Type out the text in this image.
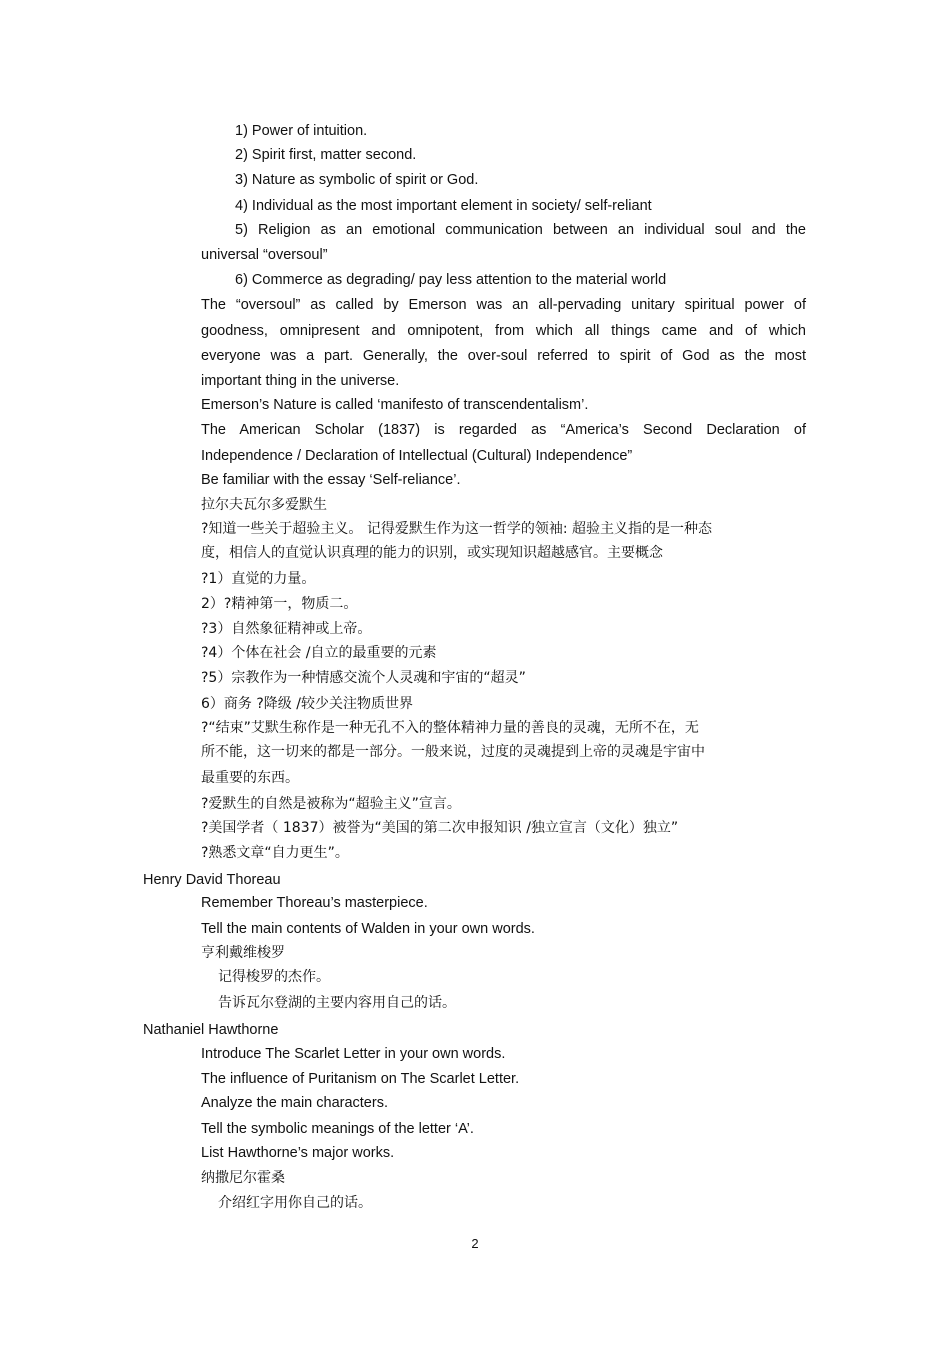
1) Power of intuition.
2) Spirit first, matter second.
3) Nature as symbolic of spirit or God.
4) Individual as the most important element in society/ self-reliant
5) Religion as an emotional communication between an individual soul and the
universal “oversoul”
6) Commerce as degrading/ pay less attention to the material world
The “oversoul” as called by Emerson was an all-pervading unitary spiritual power of
goodness, omnipresent and omnipotent, from which all things came and of which
everyone was a part. Generally, the over-soul referred to spirit of God as the most
important thing in the universe.
Emerson’s Nature is called ‘manifesto of transcendentalism’.
The American Scholar (1837) is regarded as “America’s Second Declaration of
Independence / Declaration of Intellectual (Cultural) Independence”
Be familiar with the essay ‘Self-reliance’.
拉尔夫瓦尔多爱默生
?知道一些关于超验主义。 记得爱默生作为这一哲学的领袖: 超验主义指的是一种态
度，相信人的直觉认识真理的能力的识别，或实现知识超越感官。主要概念
?1）直觉的力量。
2）?精神第一，物质二。
?3）自然象征精神或上帝。
?4）个体在社会 /自立的最重要的元素
?5）宗教作为一种情感交流个人灵魂和宇宙的“超灵”
6）商务 ?降级 /较少关注物质世界
?“结束”艾默生称作是一种无孔不入的整体精神力量的善良的灵魂，无所不在，无
所不能，这一切来的都是一部分。一般来说，过度的灵魂提到上帝的灵魂是宇宙中
最重要的东西。
?爱默生的自然是被称为“超验主义”宣言。
?美国学者（ 1837）被誉为“美国的第二次申报知识 /独立宣言（文化）独立”
?熟悉文章“自力更生”。
Henry David Thoreau
Remember Thoreau’s masterpiece.
Tell the main contents of Walden in your own words.
亨利戴维梭罗
记得梭罗的杰作。
告诉瓦尔登湖的主要内容用自己的话。
Nathaniel Hawthorne
Introduce The Scarlet Letter in your own words.
The influence of Puritanism on The Scarlet Letter.
Analyze the main characters.
Tell the symbolic meanings of the letter ‘A’.
List Hawthorne’s major works.
纳撒尼尔霍桑
介绍红字用你自己的话。
2
